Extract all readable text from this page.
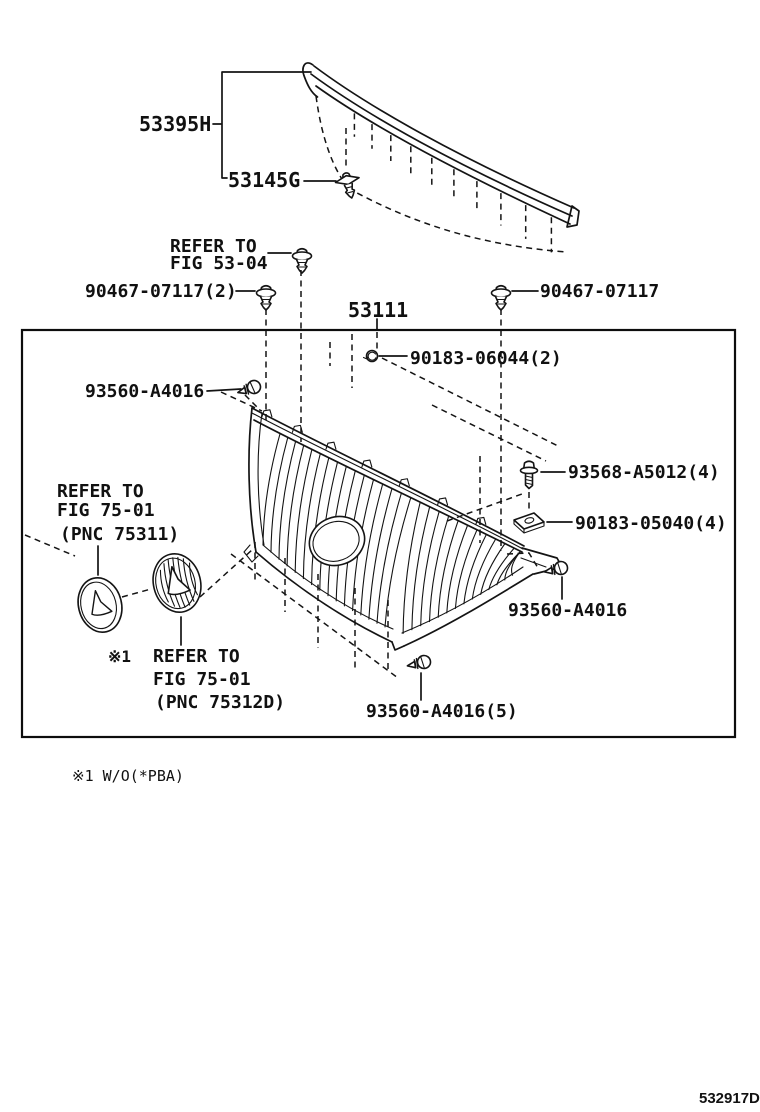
53395H
53145G
REFER TO
FIG 53-04
90467-07117(2)
53111
90467-07117
90183-06044(2)
93560-A4016
93568-A5012(4)
90183-05040(4)
93560-A4016
REFER TO
FIG 75-01
(PNC 75311)
※1 REFER TO
FIG 75-01
(PNC 75312D)	93560-A4016(5)
※1 W/O(*PBA)
532917D
